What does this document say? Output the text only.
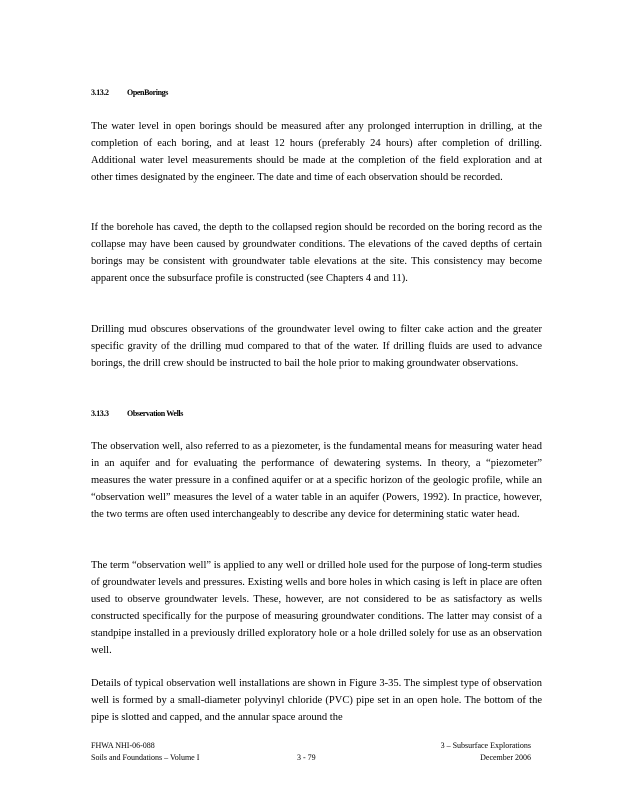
3.13.2 OpenBorings

The water level in open borings should be measured after any prolonged interruption in drilling, at the completion of each boring, and at least 12 hours (preferably 24 hours) after completion of drilling. Additional water level measurements should be made at the completion of the field exploration and at other times designated by the engineer. The date and time of each observation should be recorded.

If the borehole has caved, the depth to the collapsed region should be recorded on the boring record as the collapse may have been caused by groundwater conditions. The elevations of the caved depths of certain borings may be consistent with groundwater table elevations at the site. This consistency may become apparent once the subsurface profile is constructed (see Chapters 4 and 11).

Drilling mud obscures observations of the groundwater level owing to filter cake action and the greater specific gravity of the drilling mud compared to that of the water. If drilling fluids are used to advance borings, the drill crew should be instructed to bail the hole prior to making groundwater observations.

3.13.3 Observation Wells

The observation well, also referred to as a piezometer, is the fundamental means for measuring water head in an aquifer and for evaluating the performance of dewatering systems. In theory, a “piezometer” measures the water pressure in a confined aquifer or at a specific horizon of the geologic profile, while an “observation well” measures the level of a water table in an aquifer (Powers, 1992). In practice, however, the two terms are often used interchangeably to describe any device for determining static water head.

The term “observation well” is applied to any well or drilled hole used for the purpose of long-term studies of groundwater levels and pressures. Existing wells and bore holes in which casing is left in place are often used to observe groundwater levels. These, however, are not considered to be as satisfactory as wells constructed specifically for the purpose of measuring groundwater conditions. The latter may consist of a standpipe installed in a previously drilled exploratory hole or a hole drilled solely for use as an observation well.

Details of typical observation well installations are shown in Figure 3-35. The simplest type of observation well is formed by a small-diameter polyvinyl chloride (PVC) pipe set in an open hole. The bottom of the pipe is slotted and capped, and the annular space around the

FHWA NHI-06-088
Soils and Foundations – Volume I	3 - 79
3 – Subsurface Explorations
December 2006
